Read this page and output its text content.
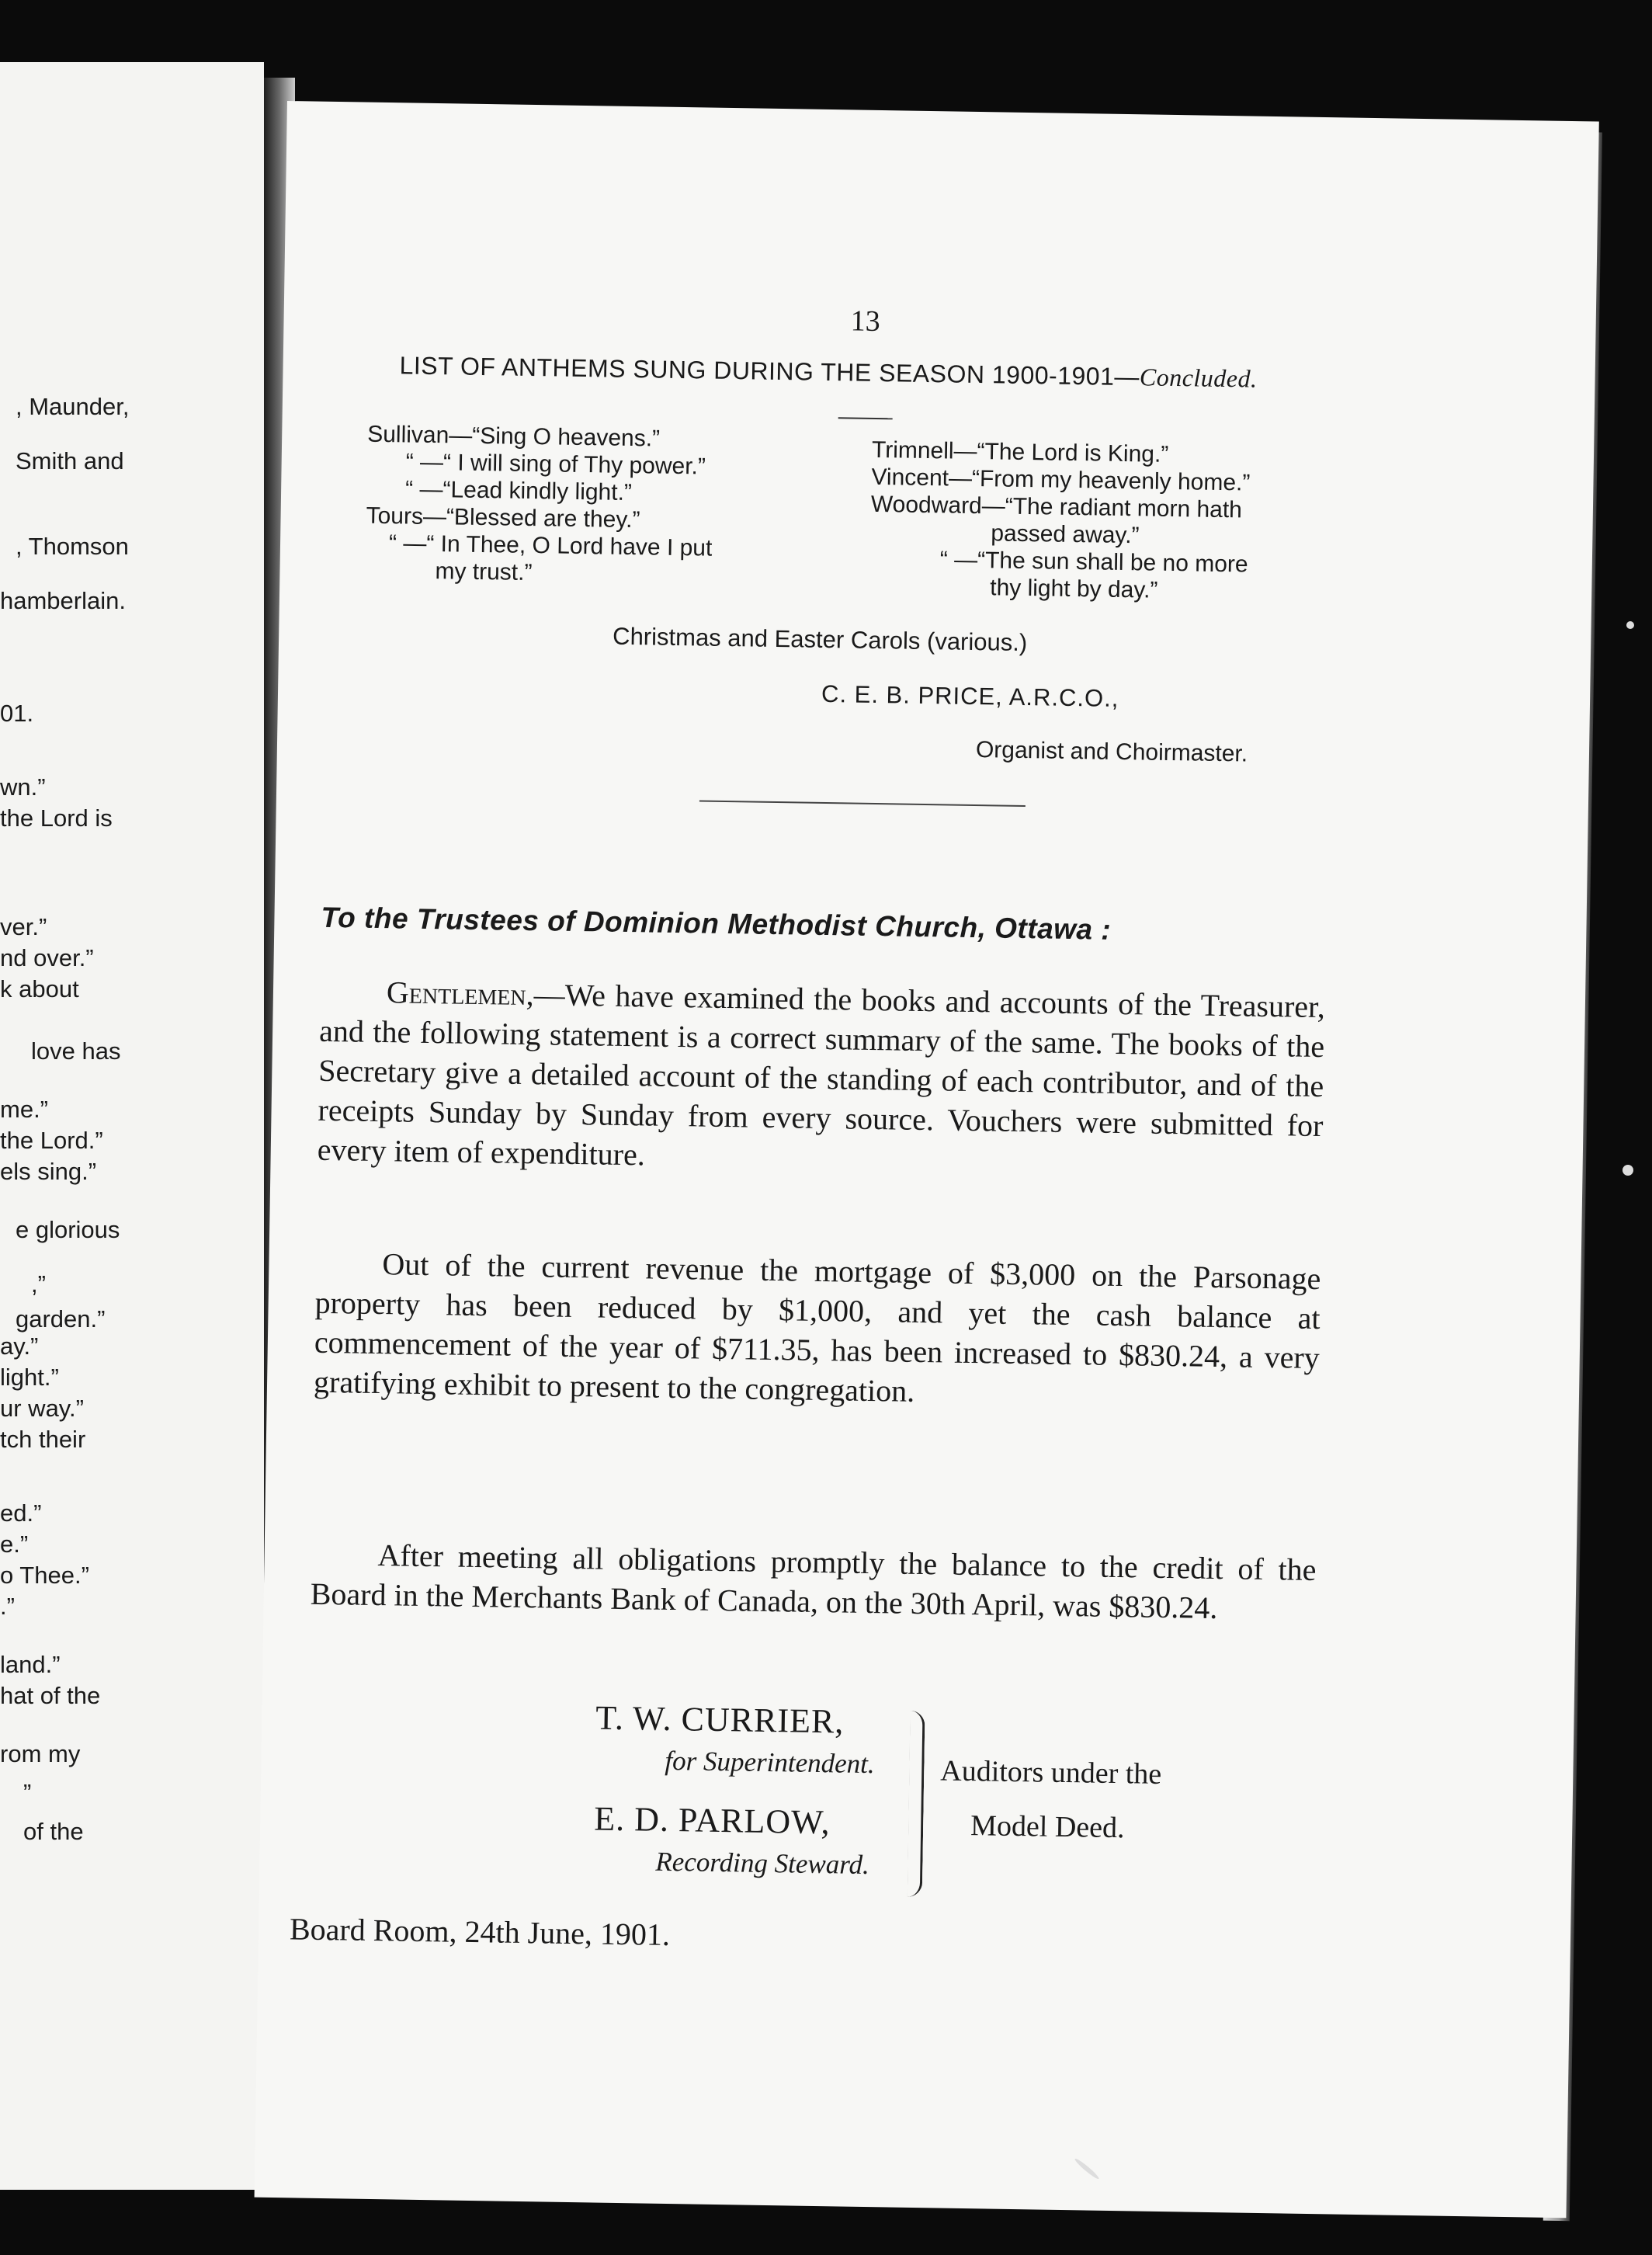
, Maunder,
Smith and
, Thomson
hamberlain.
01.
wn.”
the Lord is
ver.”
nd over.”
k about
love has
me.”
the Lord.”
els sing.”
e glorious
,”
garden.”
ay.”
light.”
ur way.”
tch their
ed.”
e.”
o Thee.”
.”
land.”
hat of the
rom my
”
of the
13
LIST OF ANTHEMS SUNG DURING THE SEASON 1900-1901—Concluded.
Sullivan—“Sing O heavens.”
“ —“ I will sing of Thy power.”
“ —“Lead kindly light.”
Tours—“Blessed are they.”
“ —“ In Thee, O Lord have I put
my trust.”
Trimnell—“The Lord is King.”
Vincent—“From my heavenly home.”
Woodward—“The radiant morn hath
passed away.”
“ —“The sun shall be no more
thy light by day.”
Christmas and Easter Carols (various.)
C. E. B. PRICE, A.R.C.O.,
Organist and Choirmaster.
To the Trustees of Dominion Methodist Church, Ottawa :

Gentlemen,—We have examined the books and accounts of the Treasurer, and the following statement is a correct summary of the same. The books of the Secretary give a detailed account of the standing of each contributor, and of the receipts Sunday by Sunday from every source. Vouchers were submitted for every item of expenditure.

Out of the current revenue the mortgage of $3,000 on the Parsonage property has been reduced by $1,000, and yet the cash balance at commencement of the year of $711.35, has been increased to $830.24, a very gratifying exhibit to present to the congregation.

After meeting all obligations promptly the balance to the credit of the Board in the Merchants Bank of Canada, on the 30th April, was $830.24.

T. W. CURRIER,
for Superintendent.
E. D. PARLOW,
Recording Steward.
Auditors under the
Model Deed.
Board Room, 24th June, 1901.
